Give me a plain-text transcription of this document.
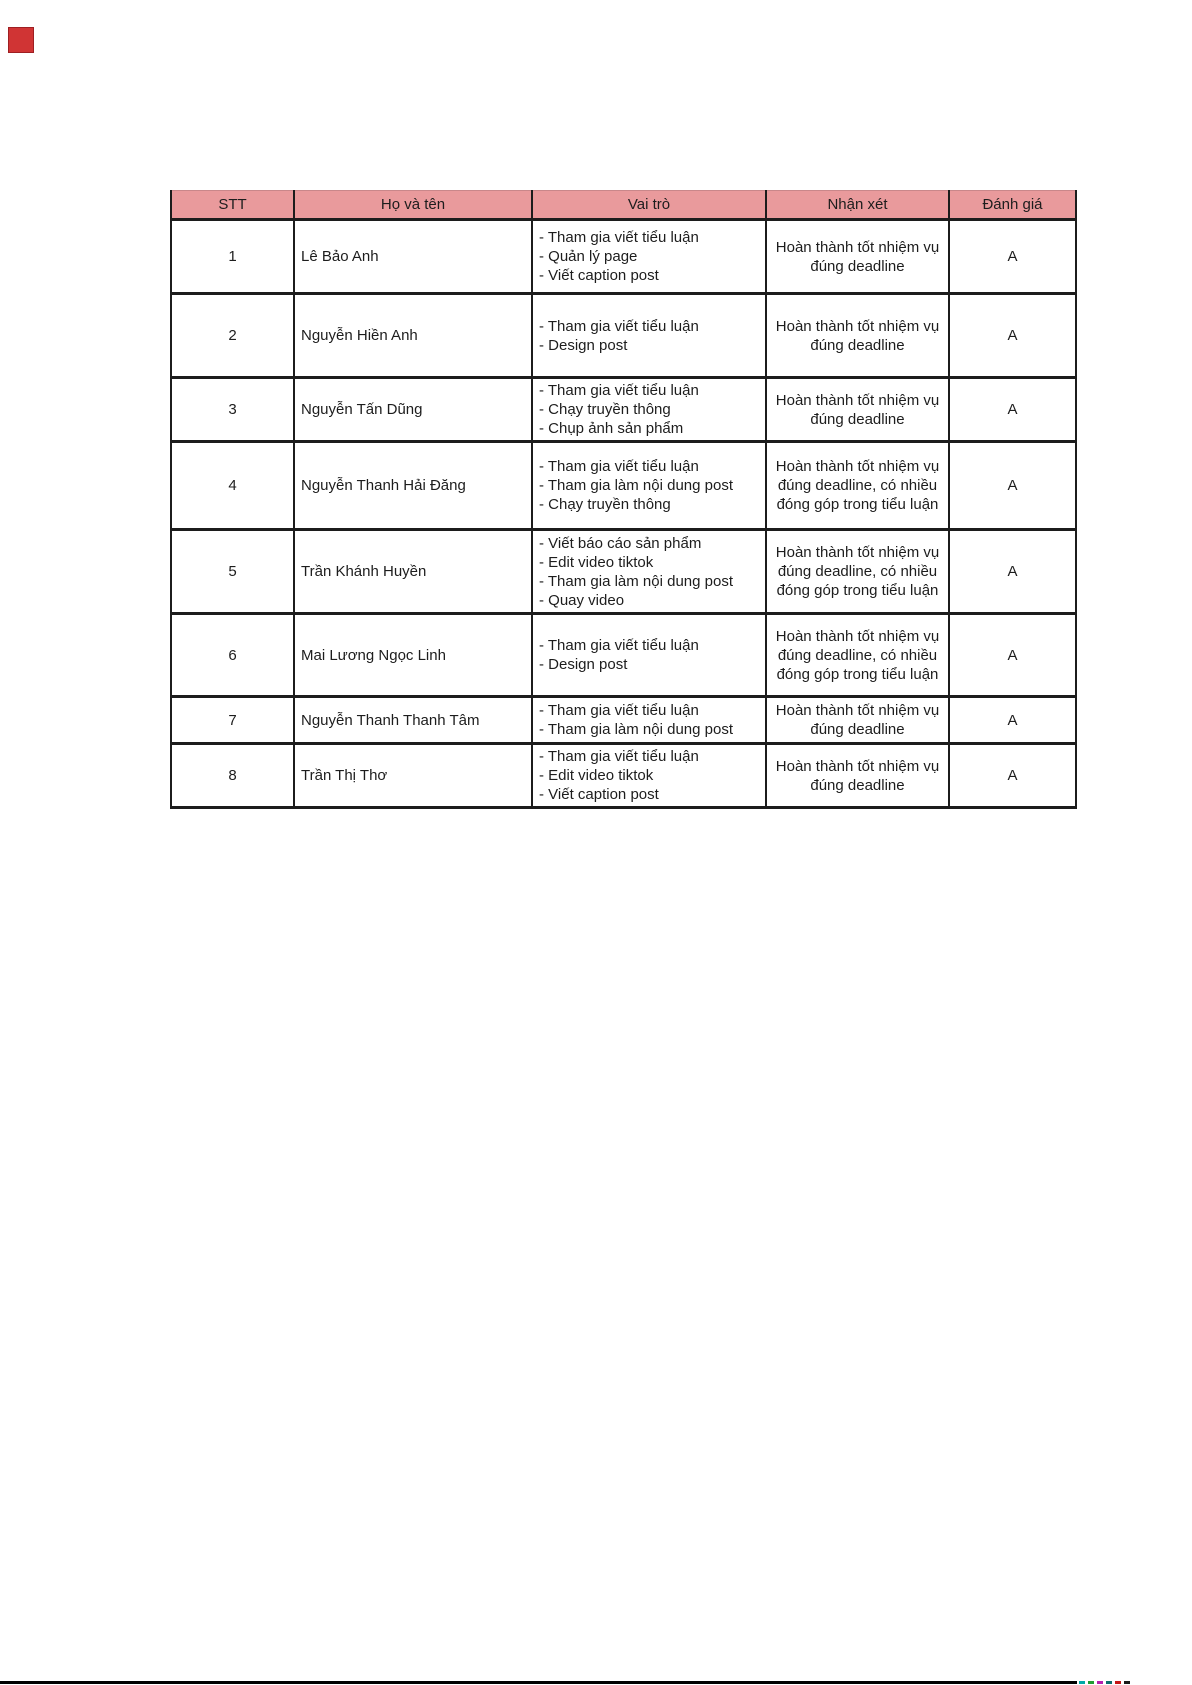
STT	Họ và tên	Vai trò	Nhận xét	Đánh giá
1	Lê Bảo Anh	- Tham gia viết tiểu luận
- Quản lý page
- Viết caption post	Hoàn thành tốt nhiệm vụ đúng deadline	A
2	Nguyễn Hiền Anh	- Tham gia viết tiểu luận
- Design post	Hoàn thành tốt nhiệm vụ đúng deadline	A
3	Nguyễn Tấn Dũng	- Tham gia viết tiểu luận
- Chạy truyền thông
- Chụp ảnh sản phẩm	Hoàn thành tốt nhiệm vụ đúng deadline	A
4	Nguyễn Thanh Hải Đăng	- Tham gia viết tiểu luận
- Tham gia làm nội dung post
- Chạy truyền thông	Hoàn thành tốt nhiệm vụ đúng deadline, có nhiều đóng góp trong tiểu luận	A
5	Trần Khánh Huyền	- Viết báo cáo sản phẩm
- Edit video tiktok
- Tham gia làm nội dung post
- Quay video	Hoàn thành tốt nhiệm vụ đúng deadline, có nhiều đóng góp trong tiểu luận	A
6	Mai Lương Ngọc Linh	- Tham gia viết tiểu luận
- Design post	Hoàn thành tốt nhiệm vụ đúng deadline, có nhiều đóng góp trong tiểu luận	A
7	Nguyễn Thanh Thanh Tâm	- Tham gia viết tiểu luận
- Tham gia làm nội dung post	Hoàn thành tốt nhiệm vụ đúng deadline	A
8	Trần Thị Thơ	- Tham gia viết tiểu luận
- Edit video tiktok
- Viết caption post	Hoàn thành tốt nhiệm vụ đúng deadline	A
